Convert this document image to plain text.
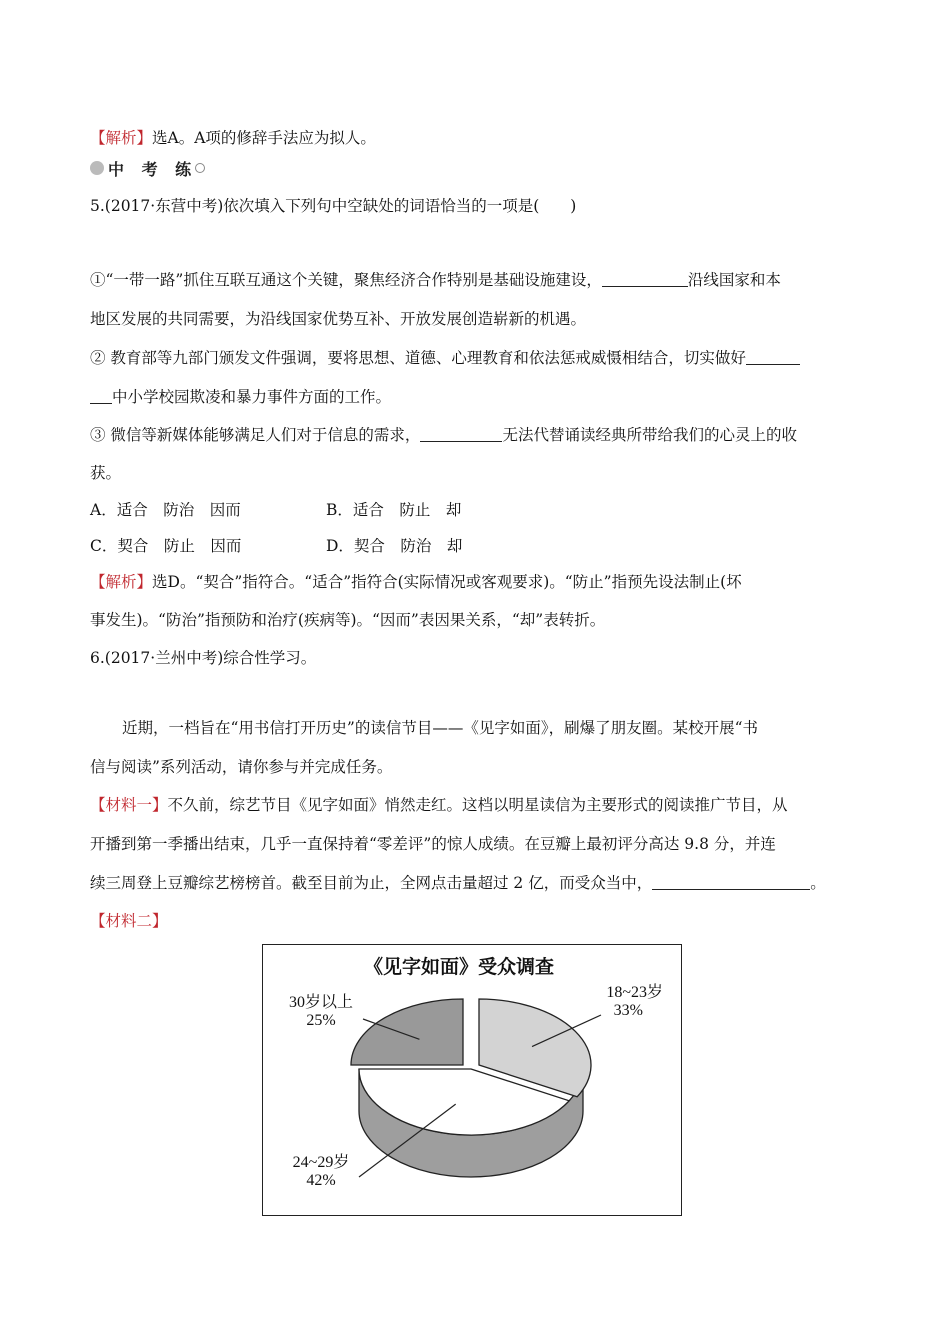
【解析】选A。A项的修辞手法应为拟人。
中 考 练
5.(2017·东营中考)依次填入下列句中空缺处的词语恰当的一项是(　　)
①“一带一路”抓住互联互通这个关键，聚焦经济合作特别是基础设施建设，	沿线国家和本
地区发展的共同需要，为沿线国家优势互补、开放发展创造崭新的机遇。
② 教育部等九部门颁发文件强调，要将思想、道德、心理教育和依法惩戒威慑相结合，切实做好
中小学校园欺凌和暴力事件方面的工作。
③ 微信等新媒体能够满足人们对于信息的需求，	无法代替诵读经典所带给我们的心灵上的收
获。
A．适合　防治　因而	B．适合　防止　却
C．契合　防止　因而	D．契合　防治　却
【解析】选D。“契合”指符合。“适合”指符合(实际情况或客观要求)。“防止”指预先设法制止(坏
事发生)。“防治”指预防和治疗(疾病等)。“因而”表因果关系，“却”表转折。
6.(2017·兰州中考)综合性学习。
近期，一档旨在“用书信打开历史”的读信节目——《见字如面》，刷爆了朋友圈。某校开展“书
信与阅读”系列活动，请你参与并完成任务。
【材料一】不久前，综艺节目《见字如面》悄然走红。这档以明星读信为主要形式的阅读推广节目，从
开播到第一季播出结束，几乎一直保持着“零差评”的惊人成绩。在豆瓣上最初评分高达 9.8 分，并连
续三周登上豆瓣综艺榜榜首。截至目前为止，全网点击量超过 2 亿，而受众当中，	。
【材料二】
《见字如面》受众调查
18~23岁
33%
24~29岁
42%
30岁以上
25%
